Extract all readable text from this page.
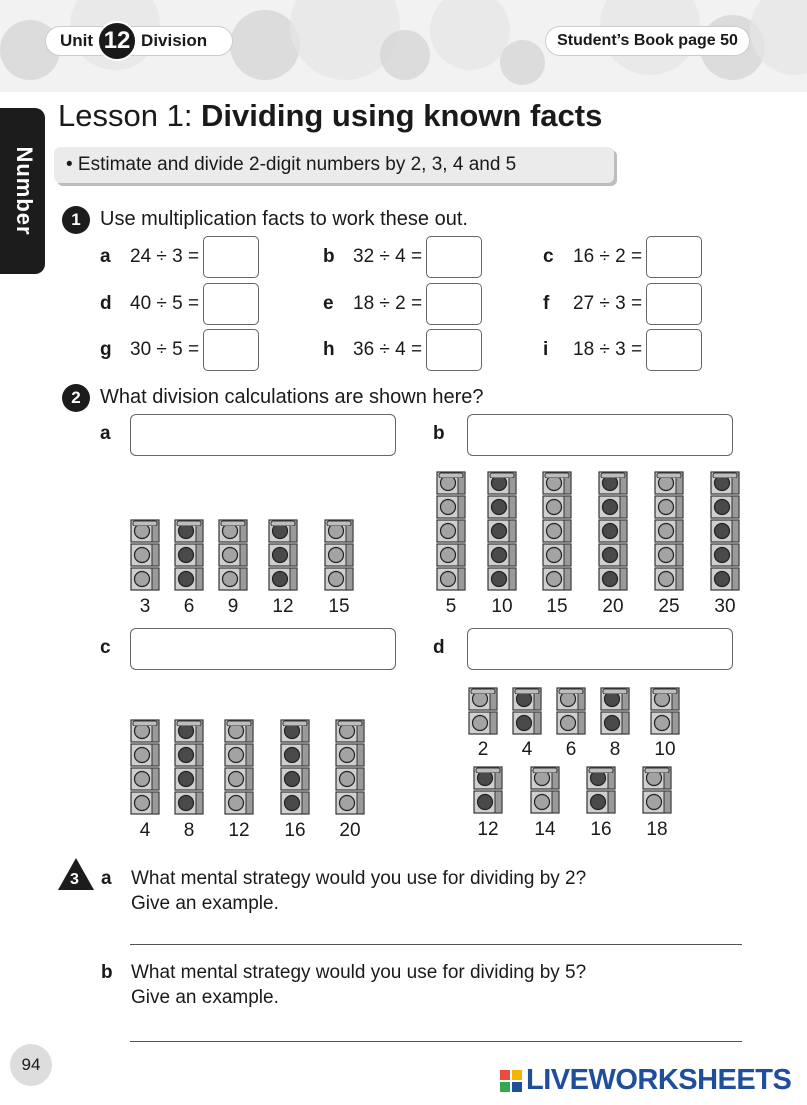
Unit 12 Division	Student’s Book page 50
Number
Lesson 1: Dividing using known facts
• Estimate and divide 2-digit numbers by 2, 3, 4 and 5
1 Use multiplication facts to work these out.
a	24 ÷ 3 =	b 32 ÷ 4 =	c	16 ÷ 2 =
d 40 ÷ 5 =	e	18 ÷ 2 =	f	27 ÷ 3 =
g 30 ÷ 5 =	h 36 ÷ 4 =	i	18 ÷ 3 =
2 What division calculations are shown here?
a	b
c	d
3	6	9	12	15	5	10	15	20	25	30
4	8	12	16	20
2	4	6	8	10
12	14	16	18
3 a What mental strategy would you use for dividing by 2?
Give an example.
b What mental strategy would you use for dividing by 5?
Give an example.
94	LIVEWORKSHEETS
